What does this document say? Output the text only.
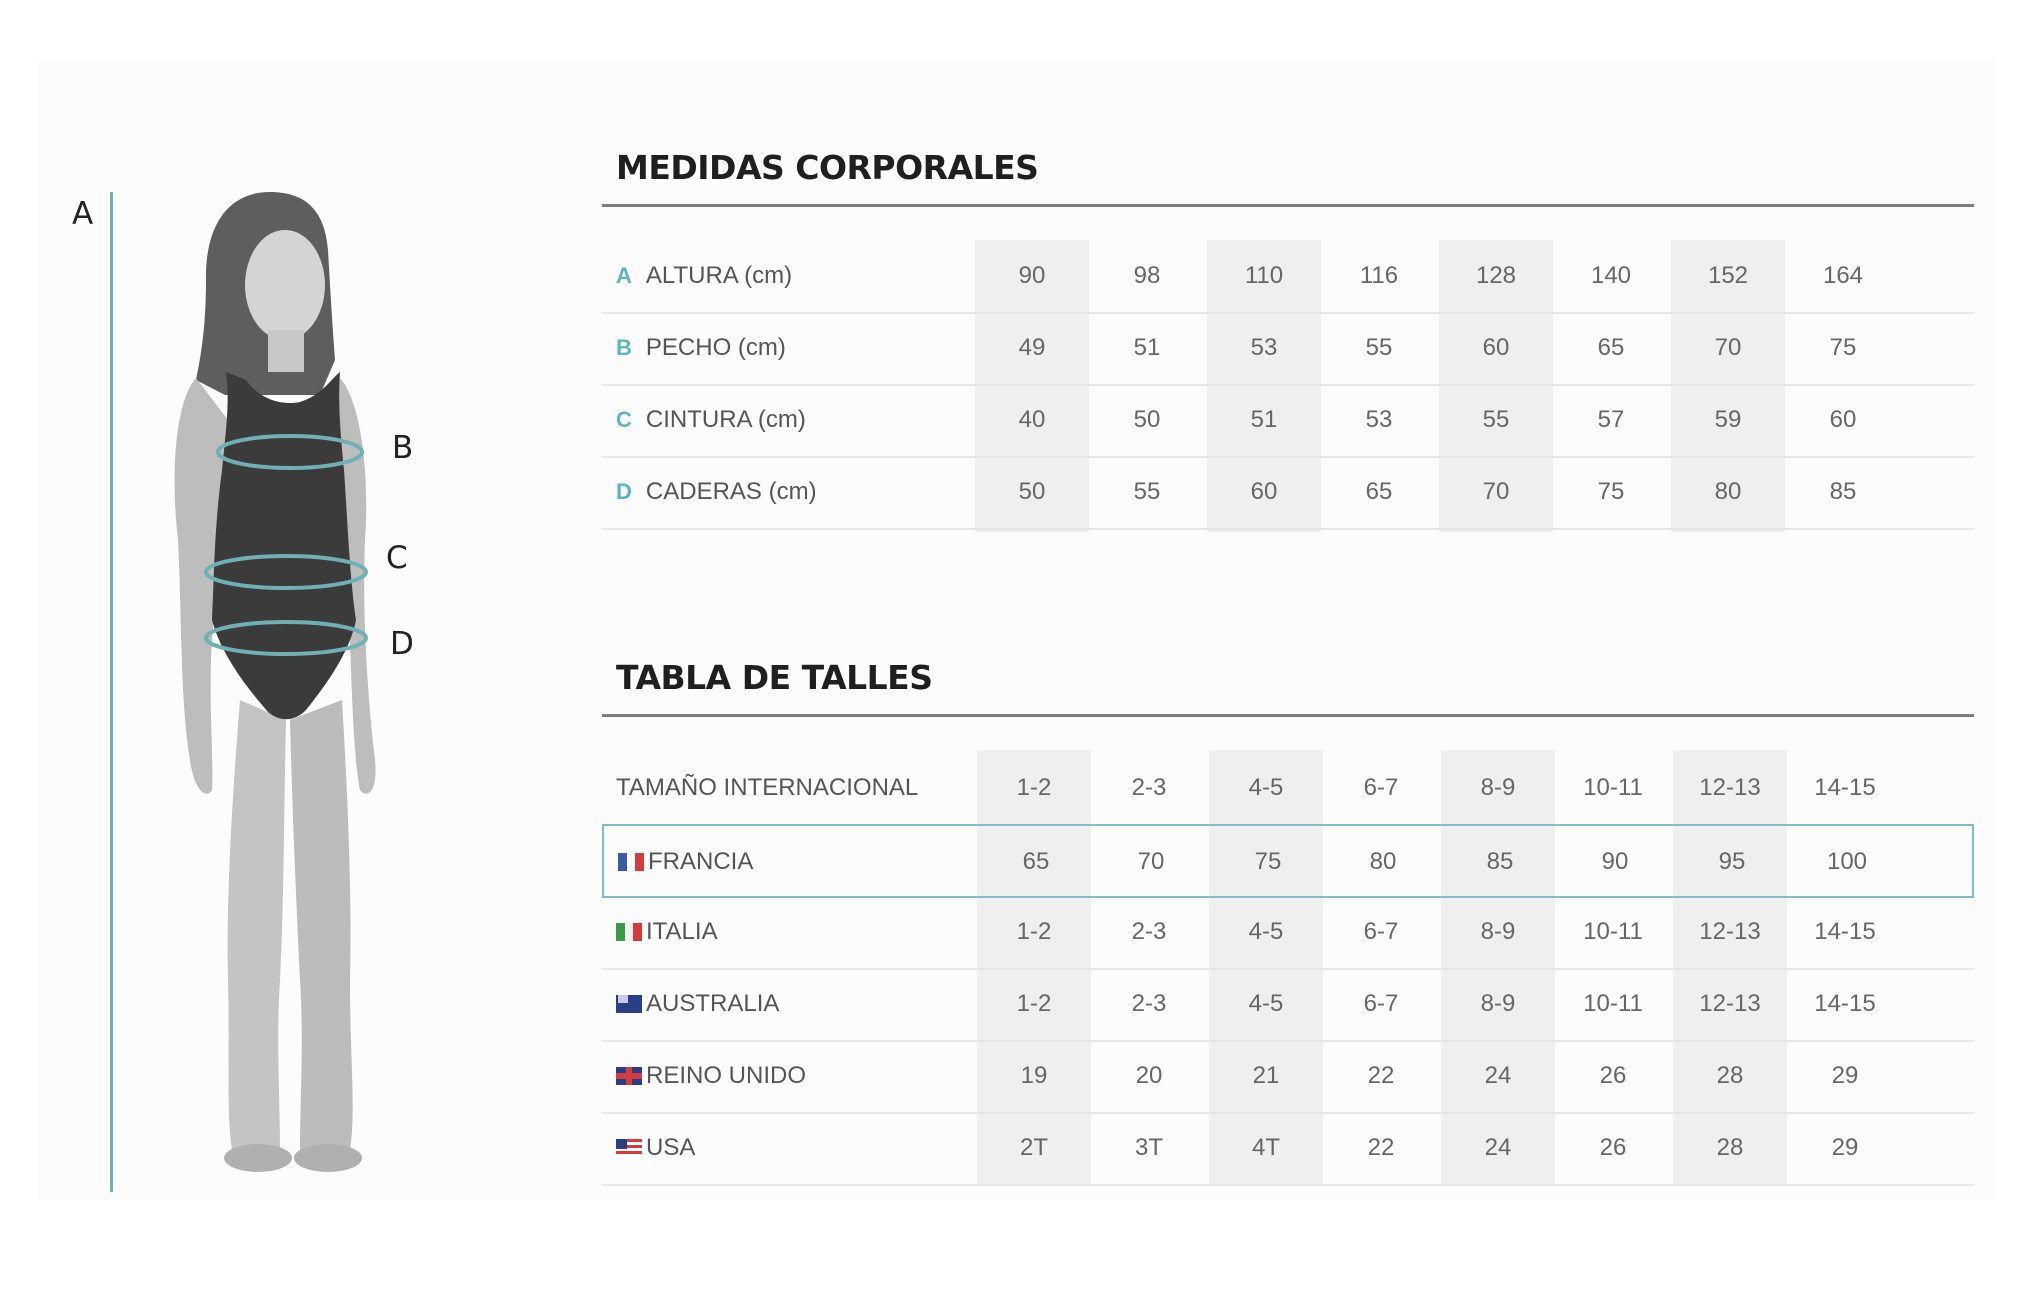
A
B
C
D
MEDIDAS CORPORALES
A ALTURA (cm)	90	98	110	116	128	140	152	164
B PECHO (cm)	49	51	53	55	60	65	70	75
C CINTURA (cm)	40	50	51	53	55	57	59	60
D CADERAS (cm)	50	55	60	65	70	75	80	85
TABLA DE TALLES
TAMAÑO INTERNACIONAL	1-2	2-3	4-5	6-7	8-9	10-11	12-13	14-15
FRANCIA	65	70	75	80	85	90	95	100
ITALIA	1-2	2-3	4-5	6-7	8-9	10-11	12-13	14-15
AUSTRALIA	1-2	2-3	4-5	6-7	8-9	10-11	12-13	14-15
REINO UNIDO	19	20	21	22	24	26	28	29
USA	2T	3T	4T	22	24	26	28	29
